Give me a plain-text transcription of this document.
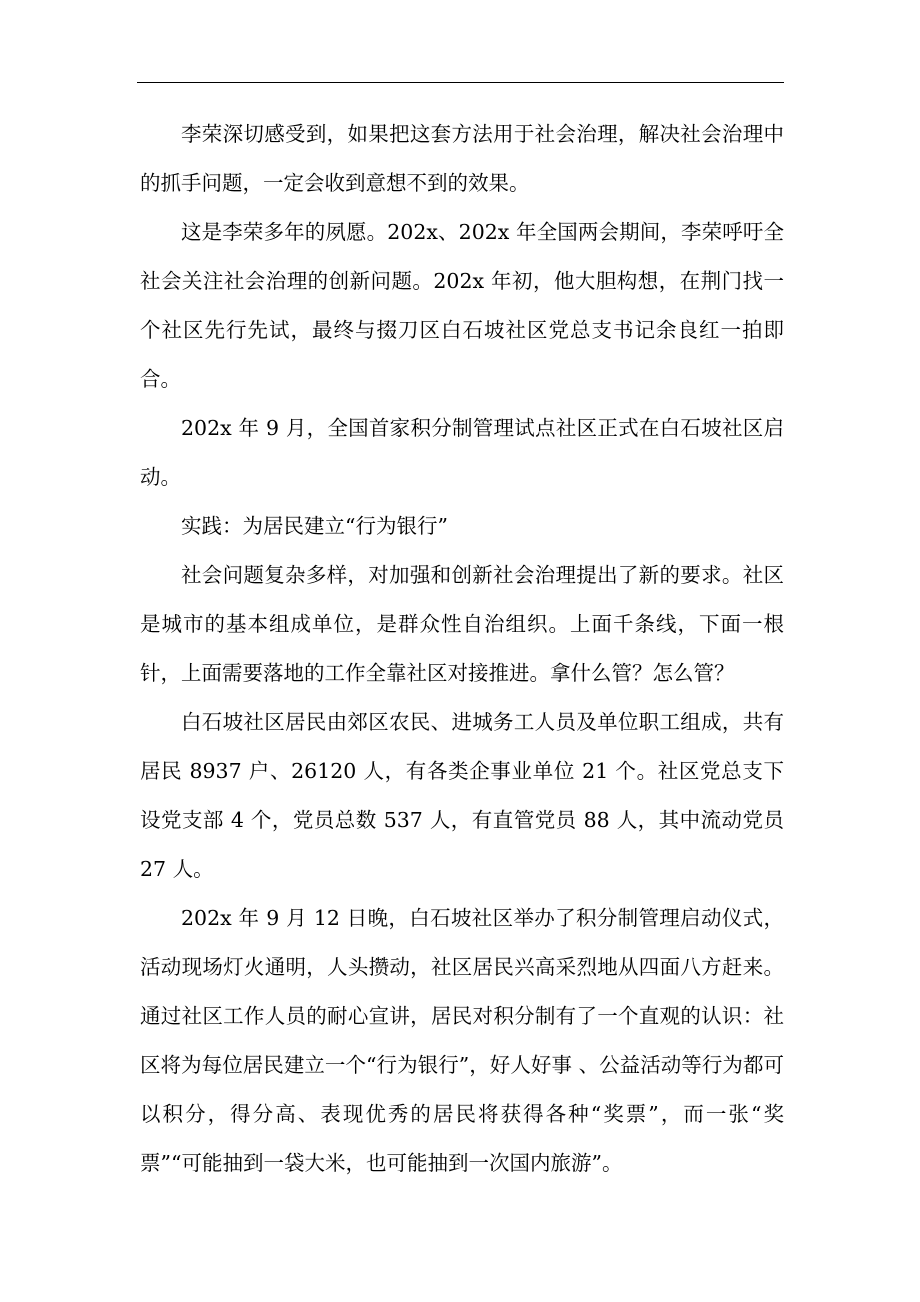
李荣深切感受到，如果把这套方法用于社会治理，解决社会治理中的抓手问题，一定会收到意想不到的效果。

这是李荣多年的夙愿。202x、202x 年全国两会期间，李荣呼吁全社会关注社会治理的创新问题。202x 年初，他大胆构想，在荆门找一个社区先行先试，最终与掇刀区白石坡社区党总支书记余良红一拍即合。

202x 年 9 月，全国首家积分制管理试点社区正式在白石坡社区启动。

实践：为居民建立“行为银行”

社会问题复杂多样，对加强和创新社会治理提出了新的要求。社区是城市的基本组成单位，是群众性自治组织。上面千条线，下面一根针，上面需要落地的工作全靠社区对接推进。拿什么管？怎么管？

白石坡社区居民由郊区农民、进城务工人员及单位职工组成，共有居民 8937 户、26120 人，有各类企事业单位 21 个。社区党总支下设党支部 4 个，党员总数 537 人，有直管党员 88 人，其中流动党员 27 人。

202x 年 9 月 12 日晚，白石坡社区举办了积分制管理启动仪式，活动现场灯火通明，人头攒动，社区居民兴高采烈地从四面八方赶来。通过社区工作人员的耐心宣讲，居民对积分制有了一个直观的认识：社区将为每位居民建立一个“行为银行”，好人好事 、公益活动等行为都可以积分，得分高、表现优秀的居民将获得各种“奖票”，而一张“奖票”“可能抽到一袋大米，也可能抽到一次国内旅游”。
